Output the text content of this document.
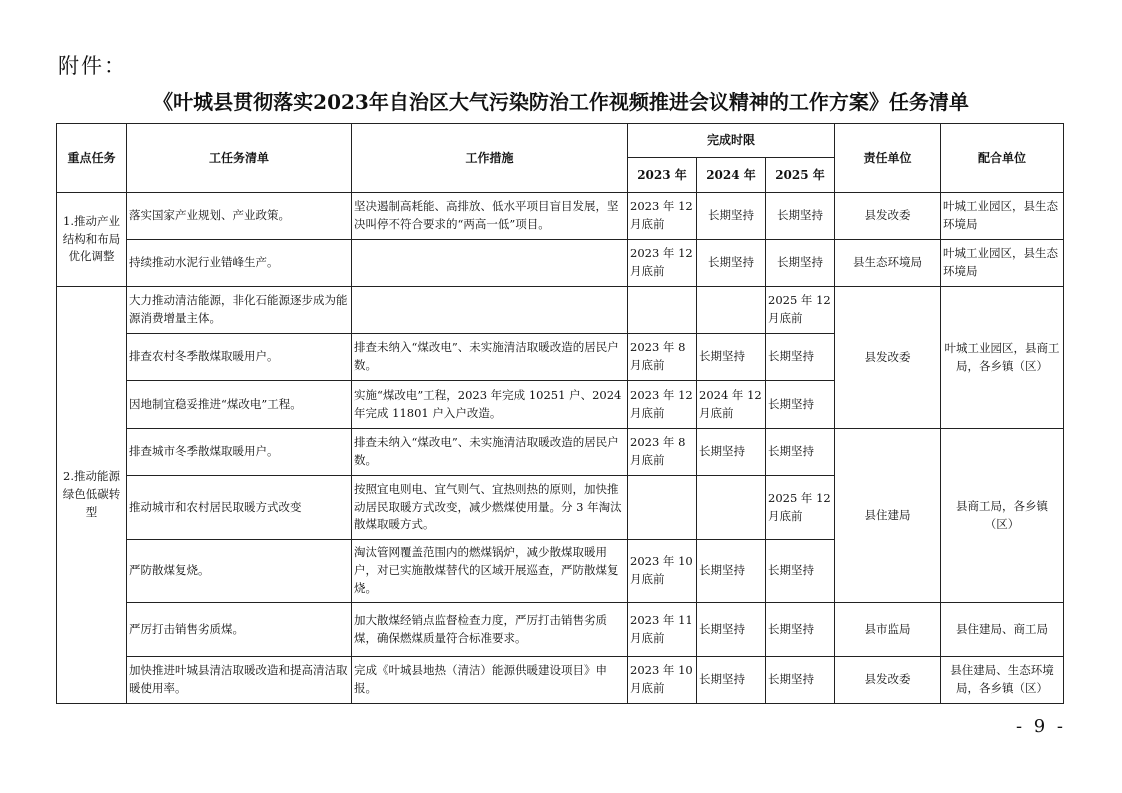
附件：
《叶城县贯彻落实2023年自治区大气污染防治工作视频推进会议精神的工作方案》任务清单
重点任务	工任务清单	工作措施	完成时限			责任单位	配合单位
			2023 年	2024 年	2025 年		
1.推动产业结构和布局优化调整	落实国家产业规划、产业政策。	坚决遏制高耗能、高排放、低水平项目盲目发展，坚决叫停不符合要求的“两高一低”项目。	2023 年 12 月底前	长期坚持	长期坚持	县发改委	叶城工业园区，县生态环境局
	持续推动水泥行业错峰生产。		2023 年 12 月底前	长期坚持	长期坚持	县生态环境局	叶城工业园区，县生态环境局
2.推动能源绿色低碳转型	大力推动清洁能源，非化石能源逐步成为能源消费增量主体。				2025 年 12 月底前	县发改委	叶城工业园区，县商工局，各乡镇（区）
	排查农村冬季散煤取暖用户。	排查未纳入“煤改电”、未实施清洁取暖改造的居民户数。	2023 年 8 月底前	长期坚持	长期坚持		
	因地制宜稳妥推进“煤改电”工程。	实施“煤改电”工程，2023 年完成 10251 户、2024 年完成 11801 户入户改造。	2023 年 12 月底前	2024 年 12 月底前	长期坚持		
	排查城市冬季散煤取暖用户。	排查未纳入“煤改电”、未实施清洁取暖改造的居民户数。	2023 年 8 月底前	长期坚持	长期坚持	县住建局	县商工局，各乡镇（区）
	推动城市和农村居民取暖方式改变	按照宜电则电、宜气则气、宜热则热的原则，加快推动居民取暖方式改变，减少燃煤使用量。分 3 年淘汰散煤取暖方式。			2025 年 12 月底前		
	严防散煤复烧。	淘汰管网覆盖范围内的燃煤锅炉，减少散煤取暖用户，对已实施散煤替代的区域开展巡查，严防散煤复烧。	2023 年 10 月底前	长期坚持	长期坚持		
	严厉打击销售劣质煤。	加大散煤经销点监督检查力度，严厉打击销售劣质煤，确保燃煤质量符合标准要求。	2023 年 11 月底前	长期坚持	长期坚持	县市监局	县住建局、商工局
	加快推进叶城县清洁取暖改造和提高清洁取暖使用率。	完成《叶城县地热（清洁）能源供暖建设项目》申报。	2023 年 10 月底前	长期坚持	长期坚持	县发改委	县住建局、生态环境局，各乡镇（区）
- 9 -
